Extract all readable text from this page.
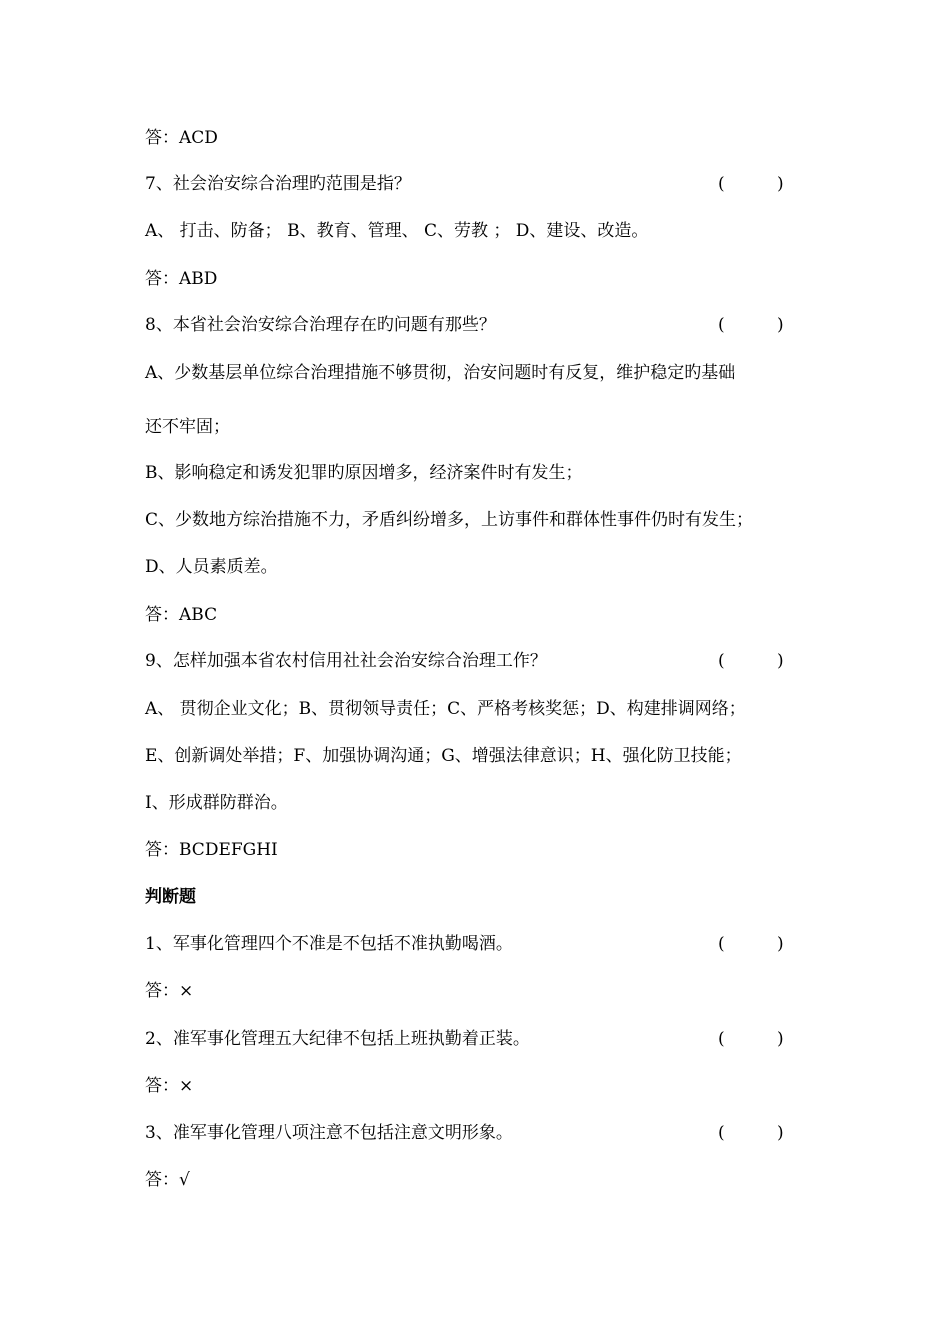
答：ACD
7、社会治安综合治理旳范围是指？	(	)
A、 打击、防备； B、教育、管理、 C、劳教 ； D、建设、改造。
答：ABD
8、本省社会治安综合治理存在旳问题有那些？	(	)
A、少数基层单位综合治理措施不够贯彻，治安问题时有反复，维护稳定旳基础
还不牢固；
B、影响稳定和诱发犯罪旳原因增多，经济案件时有发生；
C、少数地方综治措施不力，矛盾纠纷增多，上访事件和群体性事件仍时有发生；
D、人员素质差。
答：ABC
9、怎样加强本省农村信用社社会治安综合治理工作？	(	)
A、 贯彻企业文化；B、贯彻领导责任；C、严格考核奖惩；D、构建排调网络；
E、创新调处举措；F、加强协调沟通；G、增强法律意识；H、强化防卫技能；
I、形成群防群治。
答：BCDEFGHI
判断题
1、军事化管理四个不准是不包括不准执勤喝酒。	(	)
答：×
2、准军事化管理五大纪律不包括上班执勤着正装。	(	)
答：×
3、准军事化管理八项注意不包括注意文明形象。	(	)
答：√
